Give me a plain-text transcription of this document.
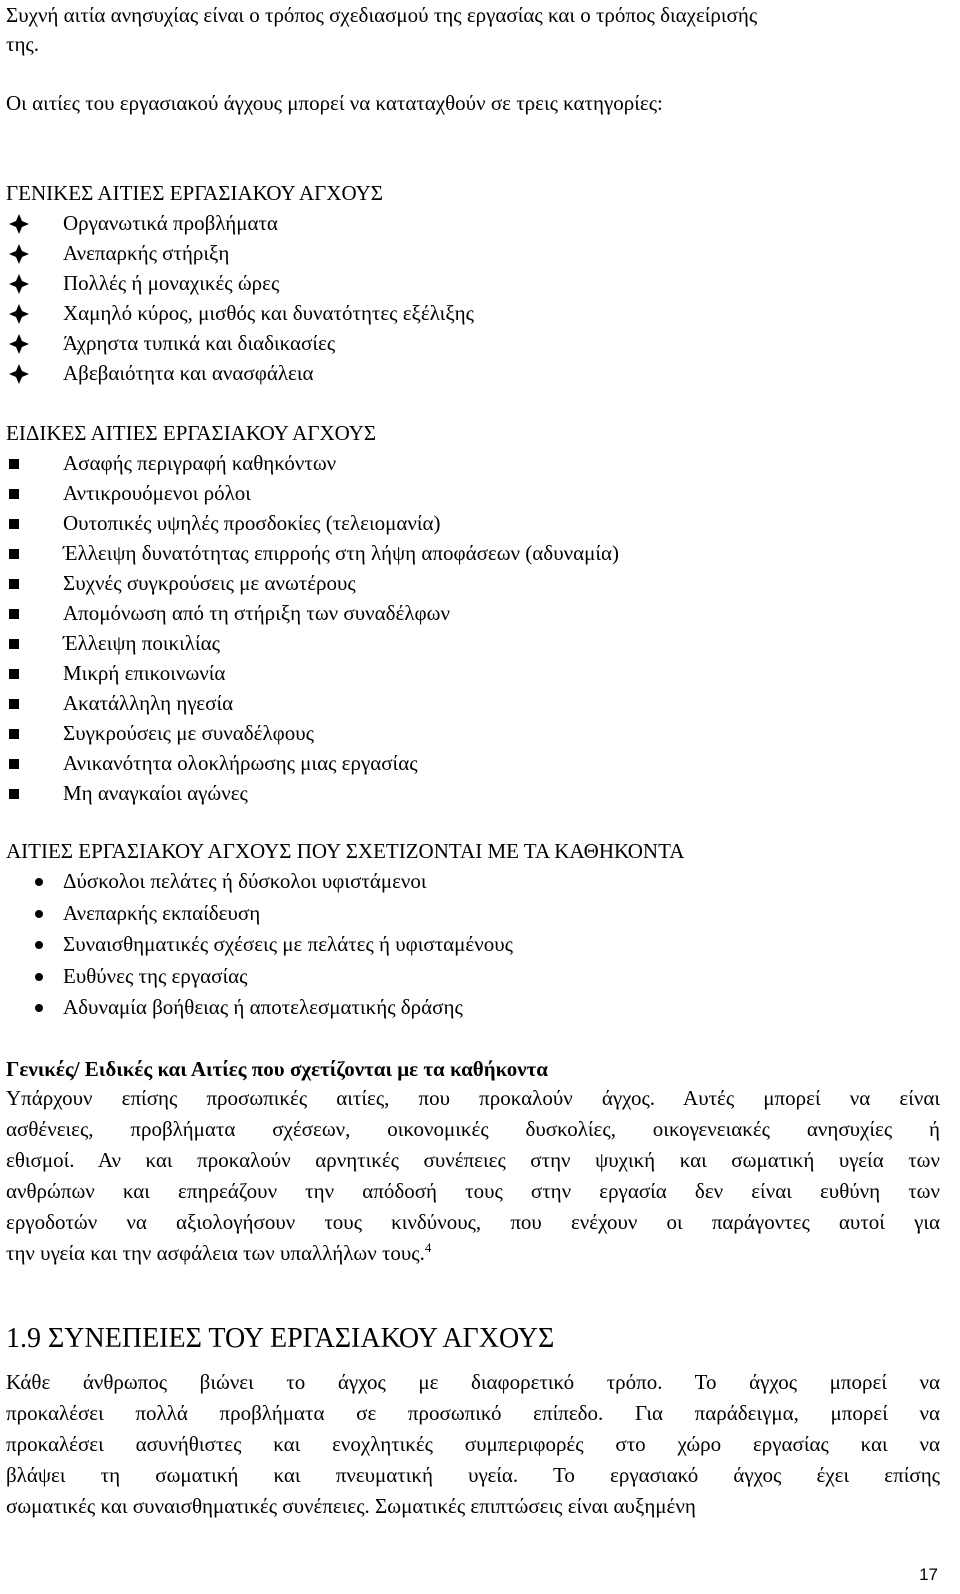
Συχνή αιτία ανησυχίας είναι ο τρόπος σχεδιασμού της εργασίας και ο τρόπος διαχείρισής
της.
Οι αιτίες του εργασιακού άγχους μπορεί να καταταχθούν σε τρεις κατηγορίες:
ΓΕΝΙΚΕΣ ΑΙΤΙΕΣ ΕΡΓΑΣΙΑΚΟΥ ΑΓΧΟΥΣ
Οργανωτικά προβλήματα
Ανεπαρκής στήριξη
Πολλές ή μοναχικές ώρες
Χαμηλό κύρος, μισθός και δυνατότητες εξέλιξης
Άχρηστα τυπικά και διαδικασίες
Αβεβαιότητα και ανασφάλεια
ΕΙΔΙΚΕΣ ΑΙΤΙΕΣ ΕΡΓΑΣΙΑΚΟΥ ΑΓΧΟΥΣ
Ασαφής περιγραφή καθηκόντων
Αντικρουόμενοι ρόλοι
Ουτοπικές υψηλές προσδοκίες (τελειομανία)
Έλλειψη δυνατότητας επιρροής στη λήψη αποφάσεων (αδυναμία)
Συχνές συγκρούσεις με ανωτέρους
Απομόνωση από τη στήριξη των συναδέλφων
Έλλειψη ποικιλίας
Μικρή επικοινωνία
Ακατάλληλη ηγεσία
Συγκρούσεις με συναδέλφους
Ανικανότητα ολοκλήρωσης μιας εργασίας
Μη αναγκαίοι αγώνες
ΑΙΤΙΕΣ ΕΡΓΑΣΙΑΚΟΥ ΑΓΧΟΥΣ ΠΟΥ ΣΧΕΤΙΖΟΝΤΑΙ ΜΕ ΤΑ ΚΑΘΗΚΟΝΤΑ
Δύσκολοι πελάτες ή δύσκολοι υφιστάμενοι
Ανεπαρκής εκπαίδευση
Συναισθηματικές σχέσεις με πελάτες ή υφισταμένους
Ευθύνες της εργασίας
Αδυναμία βοήθειας ή αποτελεσματικής δράσης
Γενικές/ Ειδικές και Αιτίες που σχετίζονται με τα καθήκοντα
Υπάρχουν επίσης προσωπικές αιτίες, που προκαλούν άγχος. Αυτές μπορεί να είναι
ασθένειες, προβλήματα σχέσεων, οικονομικές δυσκολίες, οικογενειακές ανησυχίες ή
εθισμοί. Αν και προκαλούν αρνητικές συνέπειες στην ψυχική και σωματική υγεία των
ανθρώπων και επηρεάζουν την απόδοσή τους στην εργασία δεν είναι ευθύνη των
εργοδοτών να αξιολογήσουν τους κινδύνους, που ενέχουν οι παράγοντες αυτοί για
την υγεία και την ασφάλεια των υπαλλήλων τους.$^4$
1.9 ΣΥΝΕΠΕΙΕΣ ΤΟΥ ΕΡΓΑΣΙΑΚΟΥ ΑΓΧΟΥΣ
Κάθε άνθρωπος βιώνει το άγχος με διαφορετικό τρόπο. Το άγχος μπορεί να
προκαλέσει πολλά προβλήματα σε προσωπικό επίπεδο. Για παράδειγμα, μπορεί να
προκαλέσει ασυνήθιστες και ενοχλητικές συμπεριφορές στο χώρο εργασίας και να
βλάψει τη σωματική και πνευματική υγεία. Το εργασιακό άγχος έχει επίσης
σωματικές και συναισθηματικές συνέπειες. Σωματικές επιπτώσεις είναι αυξημένη
17
